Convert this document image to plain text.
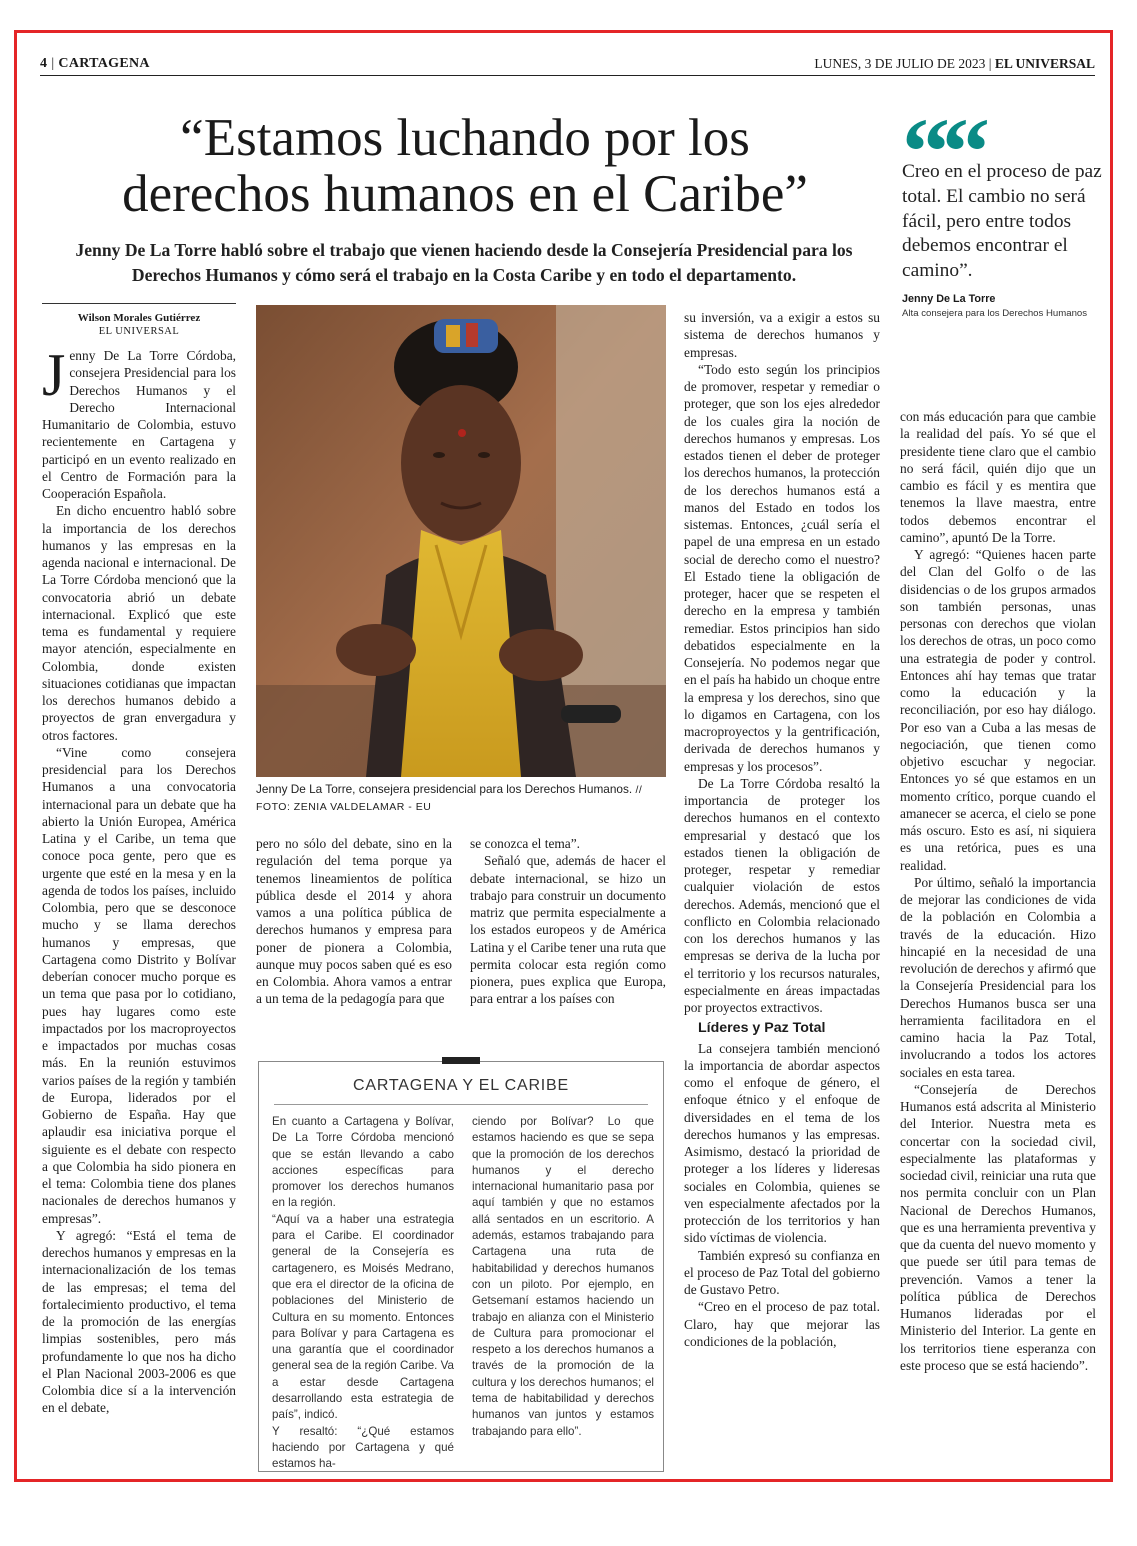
4 | CARTAGENA	LUNES, 3 DE JULIO DE 2023 | EL UNIVERSAL
“Estamos luchando por los
derechos humanos en el Caribe”
Jenny De La Torre habló sobre el trabajo que vienen haciendo desde la Consejería Presidencial para los Derechos Humanos y cómo será el trabajo en la Costa Caribe y en todo el departamento.
““
Creo en el proceso de paz total. El cambio no será fácil, pero entre todos debemos encontrar el camino”.
Jenny De La Torre
Alta consejera para los Derechos Humanos
Wilson Morales Gutiérrez
EL UNIVERSAL

Jenny De La Torre Córdoba, consejera Presidencial para los Derechos Humanos y el Derecho Internacional Humanitario de Colombia, estuvo recientemente en Cartagena y participó en un evento realizado en el Centro de Formación para la Cooperación Española.

En dicho encuentro habló sobre la importancia de los derechos humanos y las empresas en la agenda nacional e internacional. De La Torre Córdoba mencionó que la convocatoria abrió un debate internacional. Explicó que este tema es fundamental y requiere mayor atención, especialmente en Colombia, donde existen situaciones cotidianas que impactan los derechos humanos debido a proyectos de gran envergadura y otros factores.

“Vine como consejera presidencial para los Derechos Humanos a una convocatoria internacional para un debate que ha abierto la Unión Europea, América Latina y el Caribe, un tema que conoce poca gente, pero que es urgente que esté en la mesa y en la agenda de todos los países, incluido Colombia, pero que se desconoce mucho y se llama derechos humanos y empresas, que Cartagena como Distrito y Bolívar deberían conocer mucho porque es un tema que pasa por lo cotidiano, pues hay lugares como este impactados por los macroproyectos e impactados por muchas cosas más. En la reunión estuvimos varios países de la región y también de Europa, liderados por el Gobierno de España. Hay que aplaudir esa iniciativa porque el siguiente es el debate con respecto a que Colombia ha sido pionera en el tema: Colombia tiene dos planes nacionales de derechos humanos y empresas”.

Y agregó: “Está el tema de derechos humanos y empresas en la internacionalización de los temas de las empresas; el tema del fortalecimiento productivo, el tema de la promoción de las energías limpias sostenibles, pero más profundamente lo que nos ha dicho el Plan Nacional 2003-2006 es que Colombia dice sí a la intervención en el debate,

Jenny De La Torre, consejera presidencial para los Derechos Humanos. // FOTO: ZENIA VALDELAMAR - EU

pero no sólo del debate, sino en la regulación del tema porque ya tenemos lineamientos de política pública desde el 2014 y ahora vamos a una política pública de derechos humanos y empresa para poner de pionera a Colombia, aunque muy pocos saben qué es eso en Colombia. Ahora vamos a entrar a un tema de la pedagogía para que

se conozca el tema”.

Señaló que, además de hacer el debate internacional, se hizo un trabajo para construir un documento matriz que permita especialmente a los estados europeos y de América Latina y el Caribe tener una ruta que permita colocar esta región como pionera, pues explica que Europa, para entrar a los países con

su inversión, va a exigir a estos su sistema de derechos humanos y empresas.

“Todo esto según los principios de promover, respetar y remediar o proteger, que son los ejes alrededor de los cuales gira la noción de derechos humanos y empresas. Los estados tienen el deber de proteger los derechos humanos, la protección de los derechos humanos está a manos del Estado en todos los sistemas. Entonces, ¿cuál sería el papel de una empresa en un estado social de derecho como el nuestro? El Estado tiene la obligación de proteger, hacer que se respeten el derecho en la empresa y también remediar. Estos principios han sido debatidos especialmente en la Consejería. No podemos negar que en el país ha habido un choque entre la empresa y los derechos, sino que lo digamos en Cartagena, con los macroproyectos y la gentrificación, derivada de derechos humanos y empresas y los procesos”.

De La Torre Córdoba resaltó la importancia de proteger los derechos humanos en el contexto empresarial y destacó que los estados tienen la obligación de proteger, respetar y remediar cualquier violación de estos derechos. Además, mencionó que el conflicto en Colombia relacionado con los derechos humanos y las empresas se deriva de la lucha por el territorio y los recursos naturales, especialmente en áreas impactadas por proyectos extractivos.

Líderes y Paz Total

La consejera también mencionó la importancia de abordar aspectos como el enfoque de género, el enfoque étnico y el enfoque de diversidades en el tema de los derechos humanos y las empresas. Asimismo, destacó la prioridad de proteger a los líderes y lideresas sociales en Colombia, quienes se ven especialmente afectados por la protección de los territorios y han sido víctimas de violencia.

También expresó su confianza en el proceso de Paz Total del gobierno de Gustavo Petro.

“Creo en el proceso de paz total. Claro, hay que mejorar las condiciones de la población,

con más educación para que cambie la realidad del país. Yo sé que el presidente tiene claro que el cambio no será fácil, quién dijo que un cambio es fácil y es mentira que tenemos la llave maestra, entre todos debemos encontrar el camino”, apuntó De la Torre.

Y agregó: “Quienes hacen parte del Clan del Golfo o de las disidencias o de los grupos armados son también personas, unas personas con derechos que violan los derechos de otras, un poco como una estrategia de poder y control. Entonces ahí hay temas que tratar como la educación y la reconciliación, por eso hay diálogo. Por eso van a Cuba a las mesas de negociación, que tienen como objetivo escuchar y negociar. Entonces yo sé que estamos en un momento crítico, porque cuando el amanecer se acerca, el cielo se pone más oscuro. Esto es así, ni siquiera es una retórica, pues es una realidad.

Por último, señaló la importancia de mejorar las condiciones de vida de la población en Colombia a través de la educación. Hizo hincapié en la necesidad de una revolución de derechos y afirmó que la Consejería Presidencial para los Derechos Humanos busca ser una herramienta facilitadora en el camino hacia la Paz Total, involucrando a todos los actores sociales en esta tarea.

“Consejería de Derechos Humanos está adscrita al Ministerio del Interior. Nuestra meta es concertar con la sociedad civil, especialmente las plataformas y sociedad civil, reiniciar una ruta que nos permita concluir con un Plan Nacional de Derechos Humanos, que es una herramienta preventiva y que da cuenta del nuevo momento y que puede ser útil para temas de prevención. Vamos a tener la política pública de Derechos Humanos lideradas por el Ministerio del Interior. La gente en los territorios tiene esperanza con este proceso que se está haciendo”.

CARTAGENA Y EL CARIBE

En cuanto a Cartagena y Bolívar, De La Torre Córdoba mencionó que se están llevando a cabo acciones específicas para promover los derechos humanos en la región.

“Aquí va a haber una estrategia para el Caribe. El coordinador general de la Consejería es cartagenero, es Moisés Medrano, que era el director de la oficina de poblaciones del Ministerio de Cultura en su momento. Entonces para Bolívar y para Cartagena es una garantía que el coordinador general sea de la región Caribe. Va a estar desde Cartagena desarrollando esta estrategia de país”, indicó.

Y resaltó: “¿Qué estamos haciendo por Cartagena y qué estamos ha-

ciendo por Bolívar? Lo que estamos haciendo es que se sepa que la promoción de los derechos humanos y el derecho internacional humanitario pasa por aquí también y que no estamos allá sentados en un escritorio. A además, estamos trabajando para Cartagena una ruta de habitabilidad y derechos humanos con un piloto. Por ejemplo, en Getsemaní estamos haciendo un trabajo en alianza con el Ministerio de Cultura para promocionar el respeto a los derechos humanos a través de la promoción de la cultura y los derechos humanos; el tema de habitabilidad y derechos humanos van juntos y estamos trabajando para ello”.
